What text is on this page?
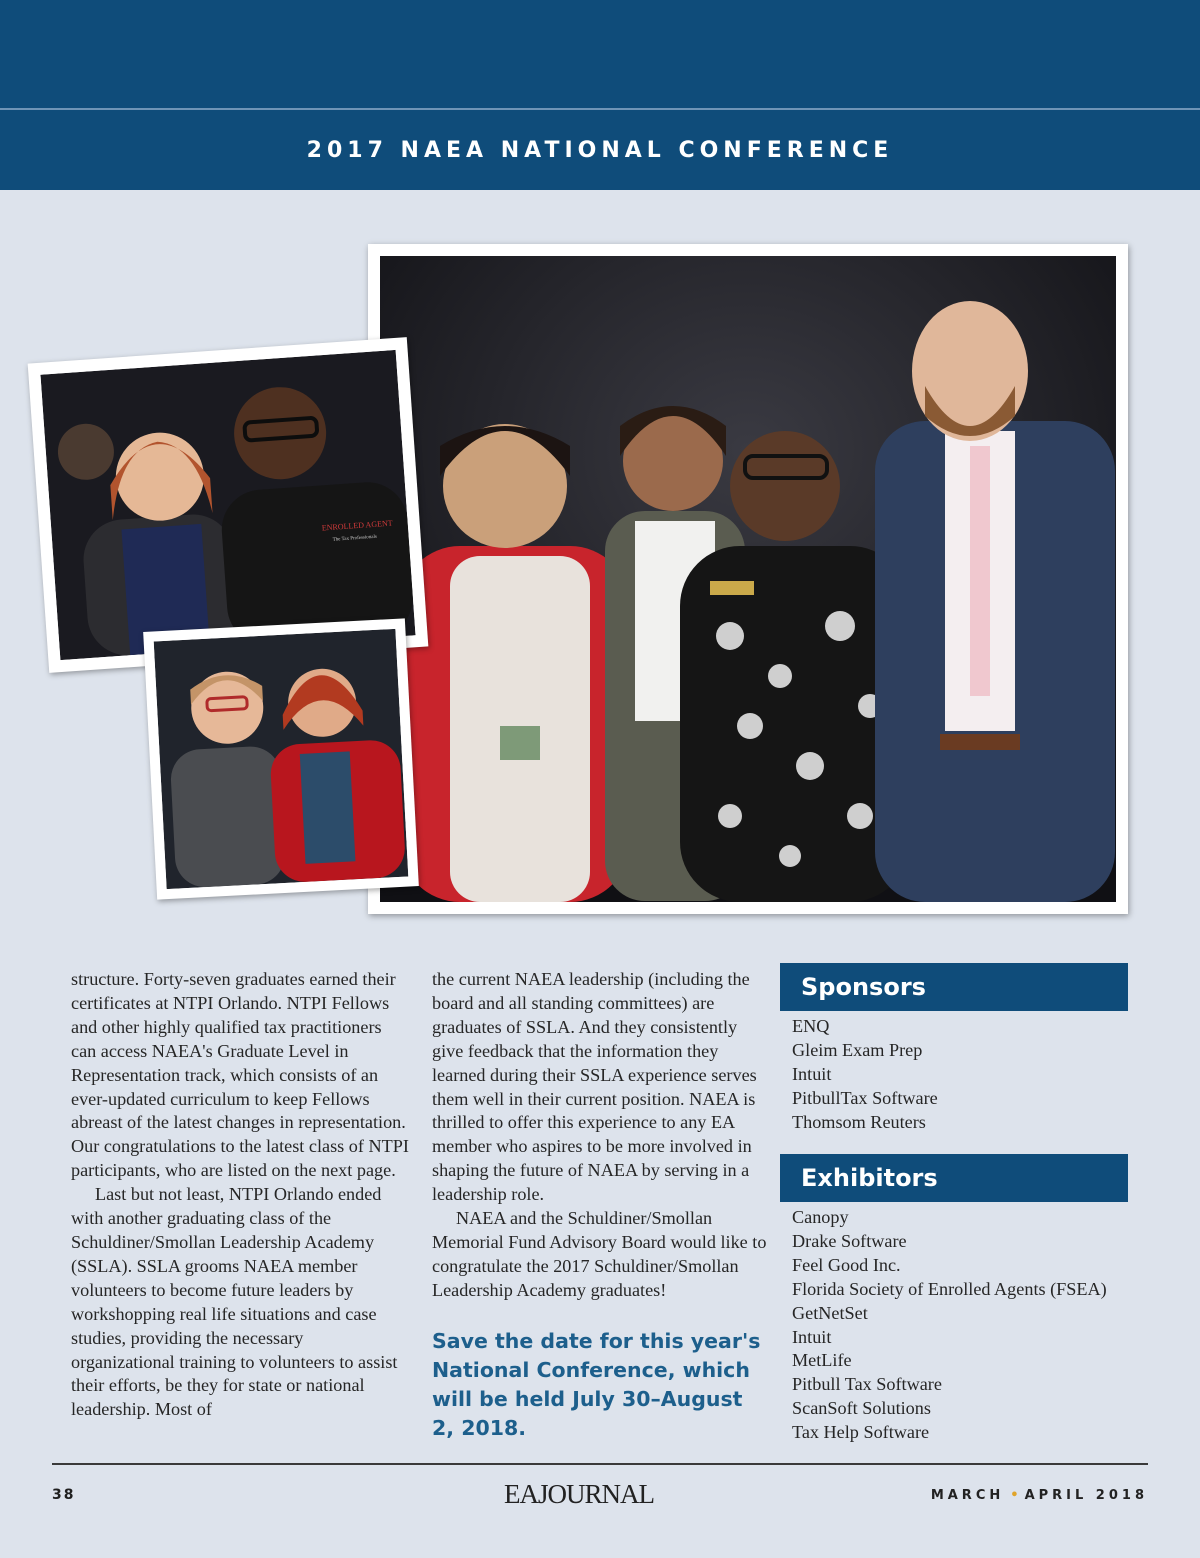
2017 NAEA NATIONAL CONFERENCE
ENROLLED AGENT
The Tax Professionals

structure. Forty-seven graduates earned their certificates at NTPI Orlando. NTPI Fellows and other highly qualified tax practitioners can access NAEA's Graduate Level in Representation track, which consists of an ever-updated curriculum to keep Fellows abreast of the latest changes in representation. Our congratulations to the latest class of NTPI participants, who are listed on the next page.

Last but not least, NTPI Orlando ended with another graduating class of the Schuldiner/Smollan Leadership Academy (SSLA). SSLA grooms NAEA member volunteers to become future leaders by workshopping real life situations and case studies, providing the necessary organizational training to volunteers to assist their efforts, be they for state or national leadership. Most of

the current NAEA leadership (including the board and all standing committees) are graduates of SSLA. And they consistently give feedback that the information they learned during their SSLA experience serves them well in their current position. NAEA is thrilled to offer this experience to any EA member who aspires to be more involved in shaping the future of NAEA by serving in a leadership role.

NAEA and the Schuldiner/Smollan Memorial Fund Advisory Board would like to congratulate the 2017 Schuldiner/Smollan Leadership Academy graduates!

Save the date for this year's National Conference, which will be held July 30–August 2, 2018.

Sponsors
ENQ
Gleim Exam Prep
Intuit
PitbullTax Software
Thomsom Reuters
Exhibitors
Canopy
Drake Software
Feel Good Inc.
Florida Society of Enrolled Agents (FSEA)
GetNetSet
Intuit
MetLife
Pitbull Tax Software
ScanSoft Solutions
Tax Help Software
38	EAJOURNAL	MARCH • APRIL 2018
